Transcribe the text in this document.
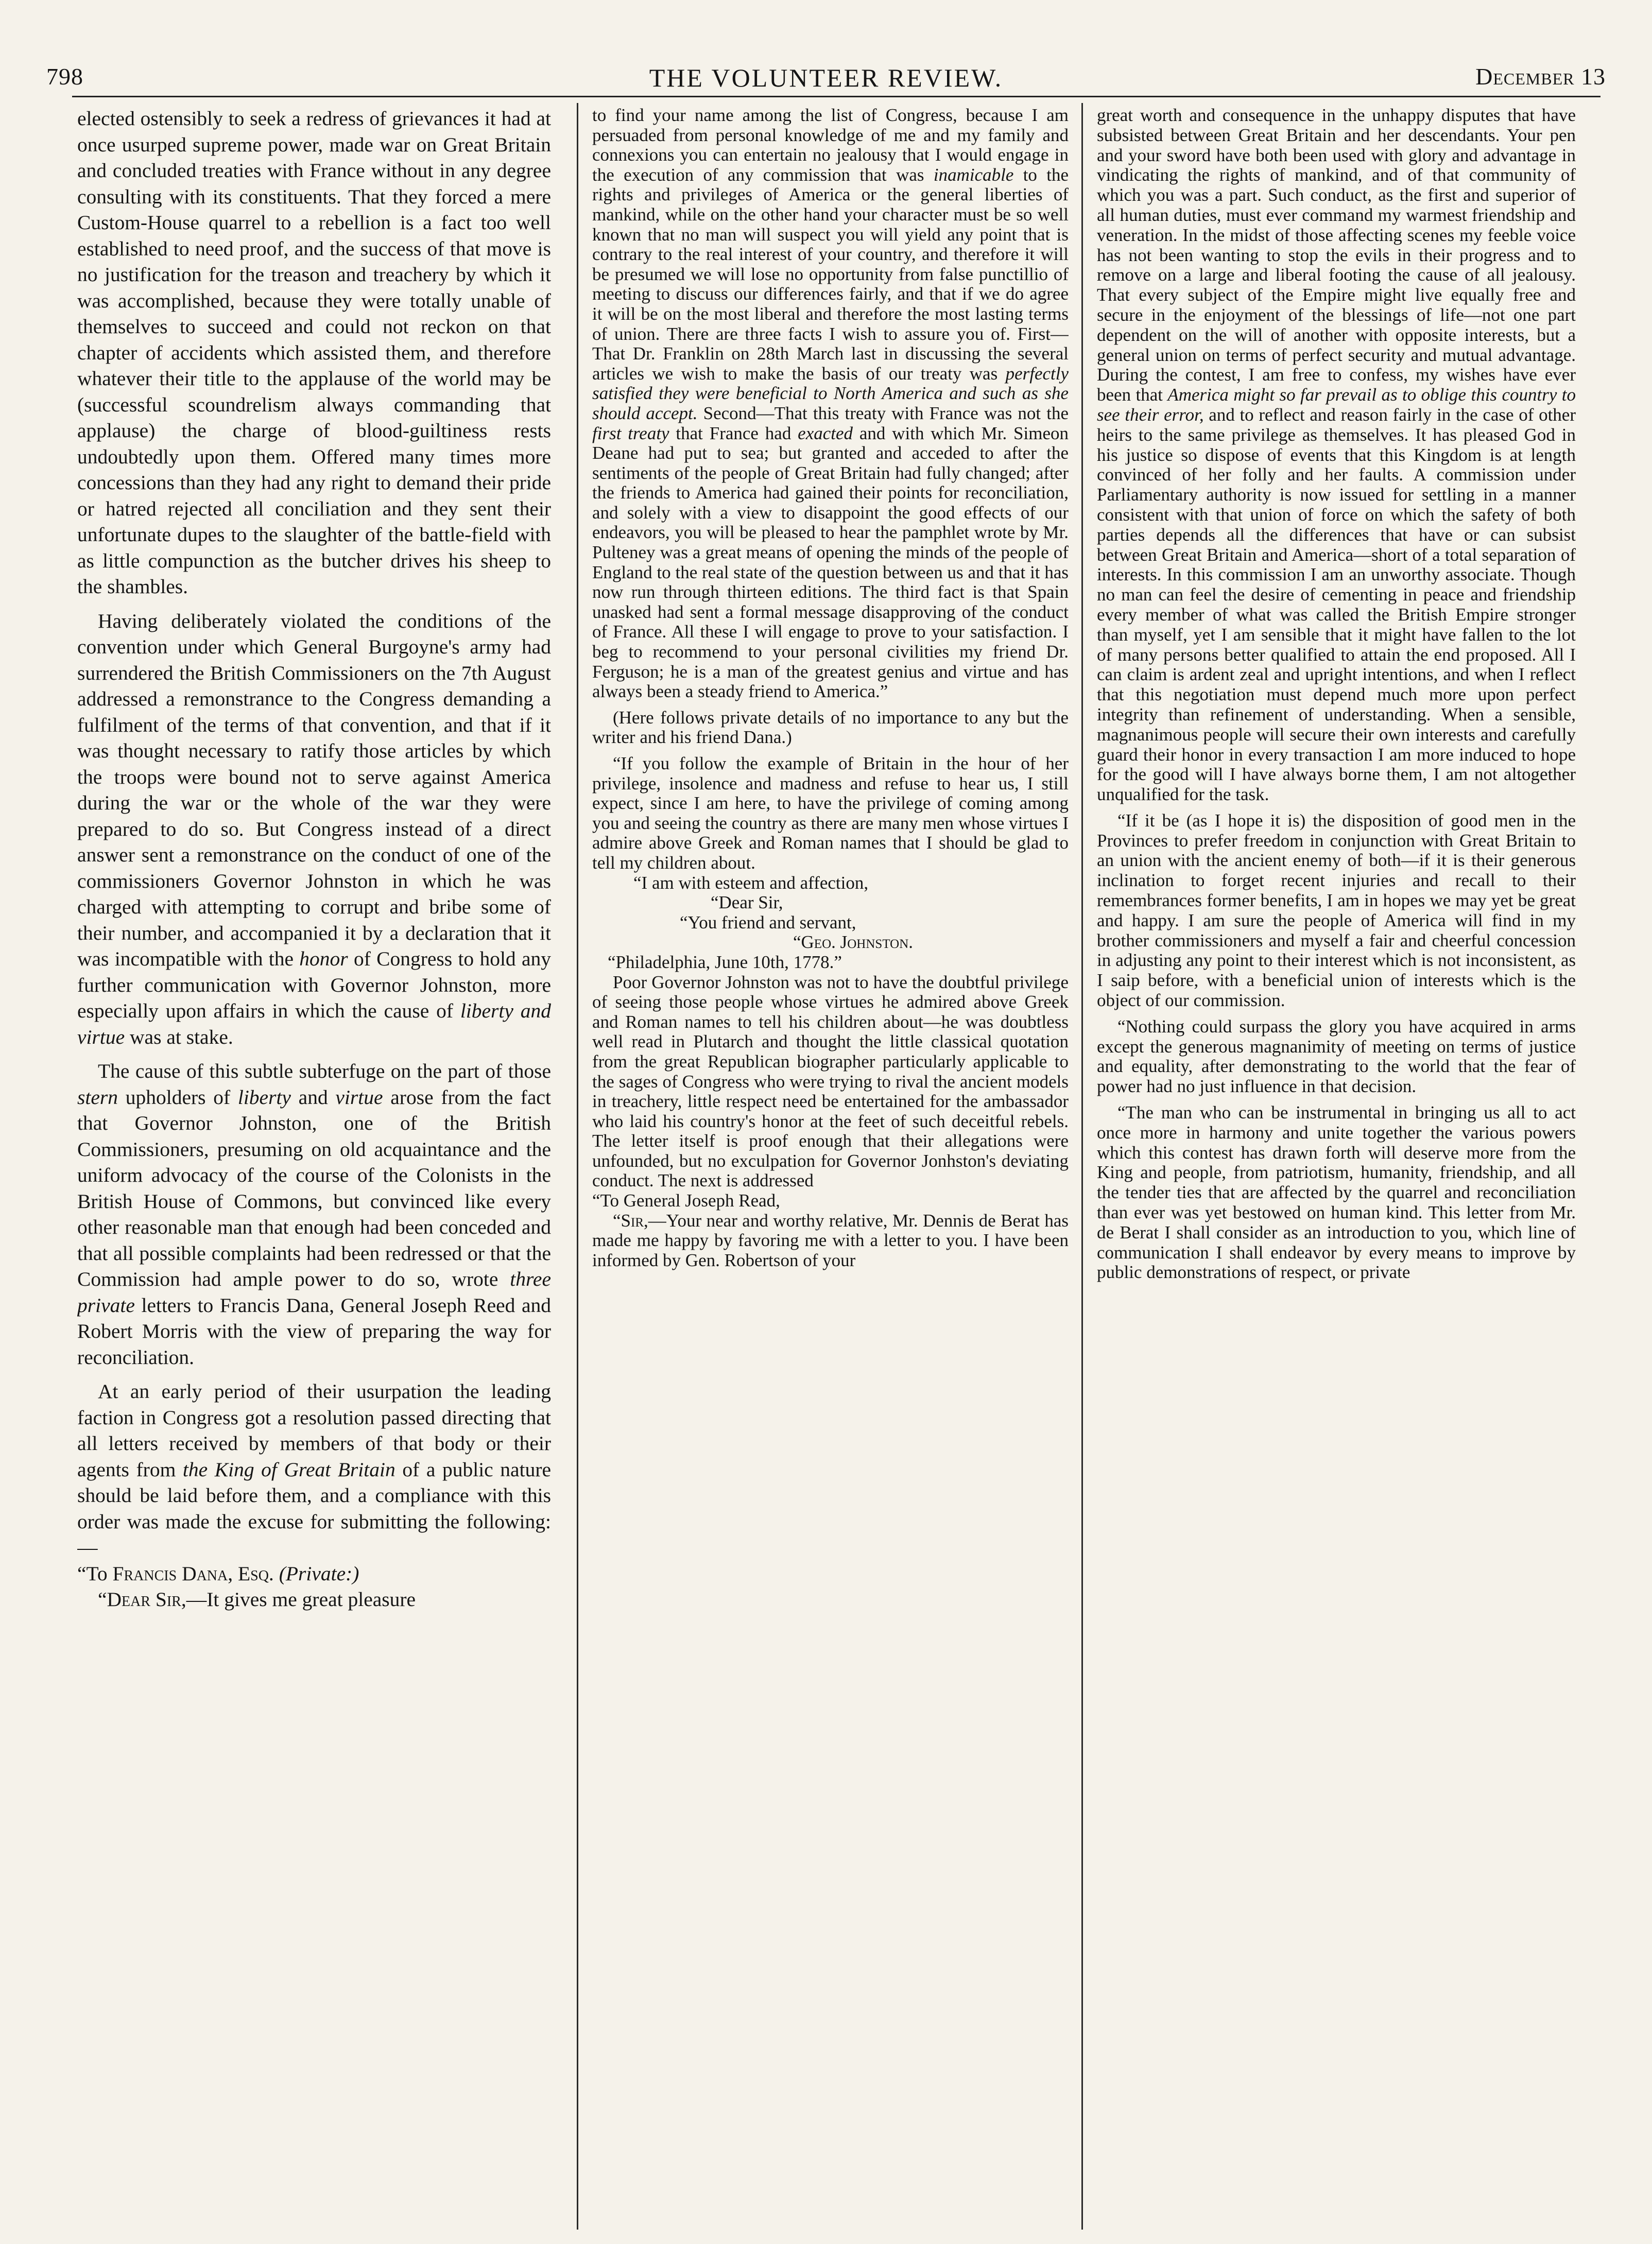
798	THE VOLUNTEER REVIEW.	December 13

elected ostensibly to seek a redress of grievances it had at once usurped supreme power, made war on Great Britain and concluded treaties with France without in any degree consulting with its constituents. That they forced a mere Custom-House quarrel to a rebellion is a fact too well established to need proof, and the success of that move is no justification for the treason and treachery by which it was accomplished, because they were totally unable of themselves to succeed and could not reckon on that chapter of accidents which assisted them, and therefore whatever their title to the applause of the world may be (successful scoundrelism always commanding that applause) the charge of blood-guiltiness rests undoubtedly upon them. Offered many times more concessions than they had any right to demand their pride or hatred rejected all conciliation and they sent their unfortunate dupes to the slaughter of the battle-field with as little compunction as the butcher drives his sheep to the shambles.

Having deliberately violated the conditions of the convention under which General Burgoyne's army had surrendered the British Commissioners on the 7th August addressed a remonstrance to the Congress demanding a fulfilment of the terms of that convention, and that if it was thought necessary to ratify those articles by which the troops were bound not to serve against America during the war or the whole of the war they were prepared to do so. But Congress instead of a direct answer sent a remonstrance on the conduct of one of the commissioners Governor Johnston in which he was charged with attempting to corrupt and bribe some of their number, and accompanied it by a declaration that it was incompatible with the honor of Congress to hold any further communication with Governor Johnston, more especially upon affairs in which the cause of liberty and virtue was at stake.

The cause of this subtle subterfuge on the part of those stern upholders of liberty and virtue arose from the fact that Governor Johnston, one of the British Commissioners, presuming on old acquaintance and the uniform advocacy of the course of the Colonists in the British House of Commons, but convinced like every other reasonable man that enough had been conceded and that all possible complaints had been redressed or that the Commission had ample power to do so, wrote three private letters to Francis Dana, General Joseph Reed and Robert Morris with the view of preparing the way for reconciliation.

At an early period of their usurpation the leading faction in Congress got a resolution passed directing that all letters received by members of that body or their agents from the King of Great Britain of a public nature should be laid before them, and a compliance with this order was made the excuse for submitting the following:—

“To Francis Dana, Esq. (Private:)

“Dear Sir,—It gives me great pleasure

to find your name among the list of Congress, because I am persuaded from personal knowledge of me and my family and connexions you can entertain no jealousy that I would engage in the execution of any commission that was inamicable to the rights and privileges of America or the general liberties of mankind, while on the other hand your character must be so well known that no man will suspect you will yield any point that is contrary to the real interest of your country, and therefore it will be presumed we will lose no opportunity from false punctillio of meeting to discuss our differences fairly, and that if we do agree it will be on the most liberal and therefore the most lasting terms of union. There are three facts I wish to assure you of. First—That Dr. Franklin on 28th March last in discussing the several articles we wish to make the basis of our treaty was perfectly satisfied they were beneficial to North America and such as she should accept. Second—That this treaty with France was not the first treaty that France had exacted and with which Mr. Simeon Deane had put to sea; but granted and acceded to after the sentiments of the people of Great Britain had fully changed; after the friends to America had gained their points for reconciliation, and solely with a view to disappoint the good effects of our endeavors, you will be pleased to hear the pamphlet wrote by Mr. Pulteney was a great means of opening the minds of the people of England to the real state of the question between us and that it has now run through thirteen editions. The third fact is that Spain unasked had sent a formal message disapproving of the conduct of France. All these I will engage to prove to your satisfaction. I beg to recommend to your personal civilities my friend Dr. Ferguson; he is a man of the greatest genius and virtue and has always been a steady friend to America.”

(Here follows private details of no importance to any but the writer and his friend Dana.)

“If you follow the example of Britain in the hour of her privilege, insolence and madness and refuse to hear us, I still expect, since I am here, to have the privilege of coming among you and seeing the country as there are many men whose virtues I admire above Greek and Roman names that I should be glad to tell my children about.

“I am with esteem and affection,
“Dear Sir,
“You friend and servant,
“Geo. Johnston.
“Philadelphia, June 10th, 1778.”

Poor Governor Johnston was not to have the doubtful privilege of seeing those people whose virtues he admired above Greek and Roman names to tell his children about—he was doubtless well read in Plutarch and thought the little classical quotation from the great Republican biographer particularly applicable to the sages of Congress who were trying to rival the ancient models in treachery, little respect need be entertained for the ambassador who laid his country's honor at the feet of such deceitful rebels. The letter itself is proof enough that their allegations were unfounded, but no exculpation for Governor Jonhston's deviating conduct. The next is addressed

“To General Joseph Read,

“Sir,—Your near and worthy relative, Mr. Dennis de Berat has made me happy by favoring me with a letter to you. I have been informed by Gen. Robertson of your

great worth and consequence in the unhappy disputes that have subsisted between Great Britain and her descendants. Your pen and your sword have both been used with glory and advantage in vindicating the rights of mankind, and of that community of which you was a part. Such conduct, as the first and superior of all human duties, must ever command my warmest friendship and veneration. In the midst of those affecting scenes my feeble voice has not been wanting to stop the evils in their progress and to remove on a large and liberal footing the cause of all jealousy. That every subject of the Empire might live equally free and secure in the enjoyment of the blessings of life—not one part dependent on the will of another with opposite interests, but a general union on terms of perfect security and mutual advantage. During the contest, I am free to confess, my wishes have ever been that America might so far prevail as to oblige this country to see their error, and to reflect and reason fairly in the case of other heirs to the same privilege as themselves. It has pleased God in his justice so dispose of events that this Kingdom is at length convinced of her folly and her faults. A commission under Parliamentary authority is now issued for settling in a manner consistent with that union of force on which the safety of both parties depends all the differences that have or can subsist between Great Britain and America—short of a total separation of interests. In this commission I am an unworthy associate. Though no man can feel the desire of cementing in peace and friendship every member of what was called the British Empire stronger than myself, yet I am sensible that it might have fallen to the lot of many persons better qualified to attain the end proposed. All I can claim is ardent zeal and upright intentions, and when I reflect that this negotiation must depend much more upon perfect integrity than refinement of understanding. When a sensible, magnanimous people will secure their own interests and carefully guard their honor in every transaction I am more induced to hope for the good will I have always borne them, I am not altogether unqualified for the task.

“If it be (as I hope it is) the disposition of good men in the Provinces to prefer freedom in conjunction with Great Britain to an union with the ancient enemy of both—if it is their generous inclination to forget recent injuries and recall to their remembrances former benefits, I am in hopes we may yet be great and happy. I am sure the people of America will find in my brother commissioners and myself a fair and cheerful concession in adjusting any point to their interest which is not inconsistent, as I saip before, with a beneficial union of interests which is the object of our commission.

“Nothing could surpass the glory you have acquired in arms except the generous magnanimity of meeting on terms of justice and equality, after demonstrating to the world that the fear of power had no just influence in that decision.

“The man who can be instrumental in bringing us all to act once more in harmony and unite together the various powers which this contest has drawn forth will deserve more from the King and people, from patriotism, humanity, friendship, and all the tender ties that are affected by the quarrel and reconciliation than ever was yet bestowed on human kind. This letter from Mr. de Berat I shall consider as an introduction to you, which line of communication I shall endeavor by every means to improve by public demonstrations of respect, or private
